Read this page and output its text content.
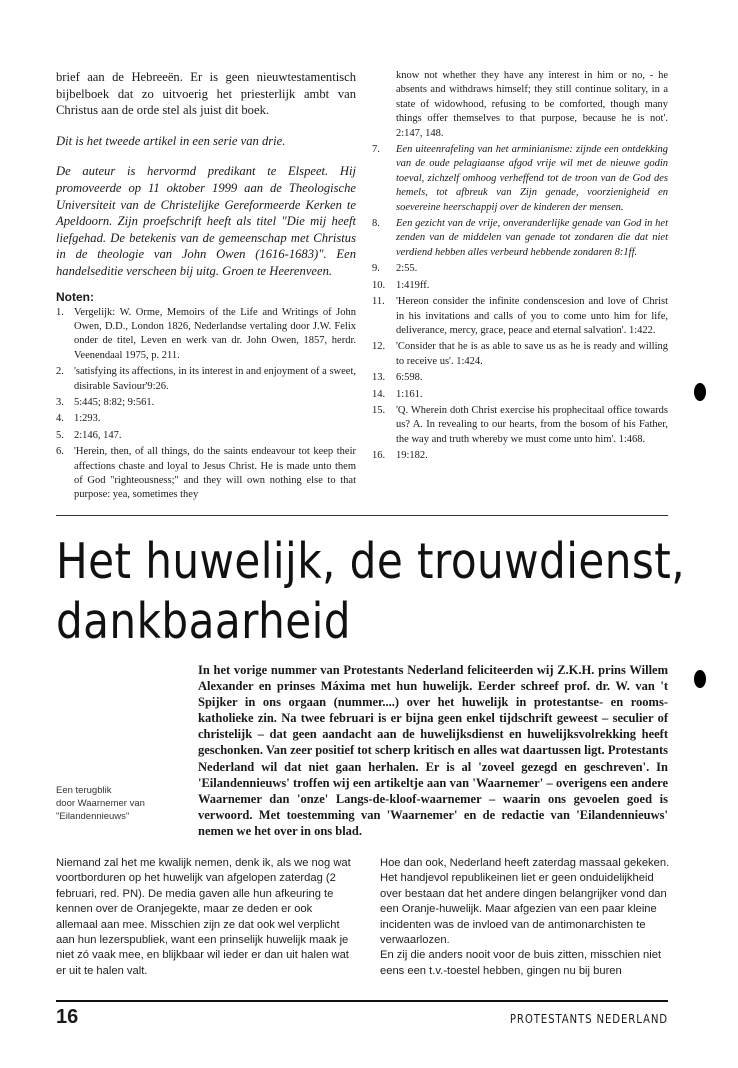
brief aan de Hebreeën. Er is geen nieuwtestamentisch bijbelboek dat zo uitvoerig het priesterlijk ambt van Christus aan de orde stel als juist dit boek.

Dit is het tweede artikel in een serie van drie.

De auteur is hervormd predikant te Elspeet. Hij promoveerde op 11 oktober 1999 aan de Theologische Universiteit van de Christelijke Gereformeerde Kerken te Apeldoorn. Zijn proefschrift heeft als titel "Die mij heeft liefgehad. De betekenis van de gemeenschap met Christus in de theologie van John Owen (1616-1683)". Een handelseditie verscheen bij uitg. Groen te Heerenveen.

Noten:
1. Vergelijk: W. Orme, Memoirs of the Life and Writings of John Owen, D.D., London 1826, Nederlandse vertaling door J.W. Felix onder de titel, Leven en werk van dr. John Owen, 1857, herdr. Veenendaal 1975, p. 211.
2. 'satisfying its affections, in its interest in and enjoyment of a sweet, disirable Saviour'9:26.
3. 5:445; 8:82; 9:561.
4. 1:293.
5. 2:146, 147.
6. 'Herein, then, of all things, do the saints endeavour tot keep their affections chaste and loyal to Jesus Christ. He is made unto them of God "righteousness;" and they will own nothing else to that purpose: yea, sometimes they
know not whether they have any interest in him or no, - he absents and withdraws himself; they still continue solitary, in a state of widowhood, refusing to be comforted, though many things offer themselves to that purpose, because he is not'. 2:147, 148.
7.	Een uiteenrafeling van het arminianisme: zijnde een ontdekking van de oude pelagiaanse afgod vrije wil met de nieuwe godin toeval, zichzelf omhoog verheffend tot de troon van de God des hemels, tot afbreuk van Zijn genade, voorzienigheid en soevereine heerschappij over de kinderen der mensen.
8.	Een gezicht van de vrije, onveranderlijke genade van God in het zenden van de middelen van genade tot zondaren die dat niet verdiend hebben alles verbeurd hebbende zondaren 8:1ff.
9.	2:55.
10.	1:419ff.
11.	'Hereon consider the infinite condenscesion and love of Christ in his invitations and calls of you to come unto him for life, deliverance, mercy, grace, peace and eternal salvation'. 1:422.
12.	'Consider that he is as able to save us as he is ready and willing to receive us'. 1:424.
13.	6:598.
14.	1:161.
15.	'Q. Wherein doth Christ exercise his prophecitaal office towards us? A. In revealing to our hearts, from the bosom of his Father, the way and truth whereby we must come unto him'. 1:468.
16.	19:182.
Het huwelijk, de trouwdienst,
dankbaarheid

In het vorige nummer van Protestants Nederland feliciteerden wij Z.K.H. prins Willem Alexander en prinses Máxima met hun huwelijk. Eerder schreef prof. dr. W. van 't Spijker in ons orgaan (nummer....) over het huwelijk in protestantse- en rooms-katholieke zin. Na twee februari is er bijna geen enkel tijdschrift geweest – seculier of christelijk – dat geen aandacht aan de huwelijksdienst en huwelijksvolrekking heeft geschonken. Van zeer positief tot scherp kritisch en alles wat daartussen ligt. Protestants Nederland wil dat niet gaan herhalen. Er is al 'zoveel gezegd en geschreven'. In 'Eilandennieuws' troffen wij een artikeltje aan van 'Waarnemer' – overigens een andere Waarnemer dan 'onze' Langs-de-kloof-waarnemer – waarin ons gevoelen goed is verwoord. Met toestemming van 'Waarnemer' en de redactie van 'Eilandennieuws' nemen we het over in ons blad.

Een terugblik
door Waarnemer van
"Eilandennieuws"

Niemand zal het me kwalijk nemen, denk ik, als we nog wat voortborduren op het huwelijk van afgelopen zaterdag (2 februari, red. PN). De media gaven alle hun afkeuring te kennen over de Oranjegekte, maar ze deden er ook allemaal aan mee. Misschien zijn ze dat ook wel verplicht aan hun lezerspubliek, want een prinselijk huwelijk maak je niet zó vaak mee, en blijkbaar wil ieder er dan uit halen wat er uit te halen valt.

Hoe dan ook, Nederland heeft zaterdag massaal gekeken. Het handjevol republikeinen liet er geen onduidelijkheid over bestaan dat het andere dingen belangrijker vond dan een Oranje-huwelijk. Maar afgezien van een paar kleine incidenten was de invloed van de antimonarchisten te verwaarlozen.

En zij die anders nooit voor de buis zitten, misschien niet eens een t.v.-toestel hebben, gingen nu bij buren

16	PROTESTANTS NEDERLAND
